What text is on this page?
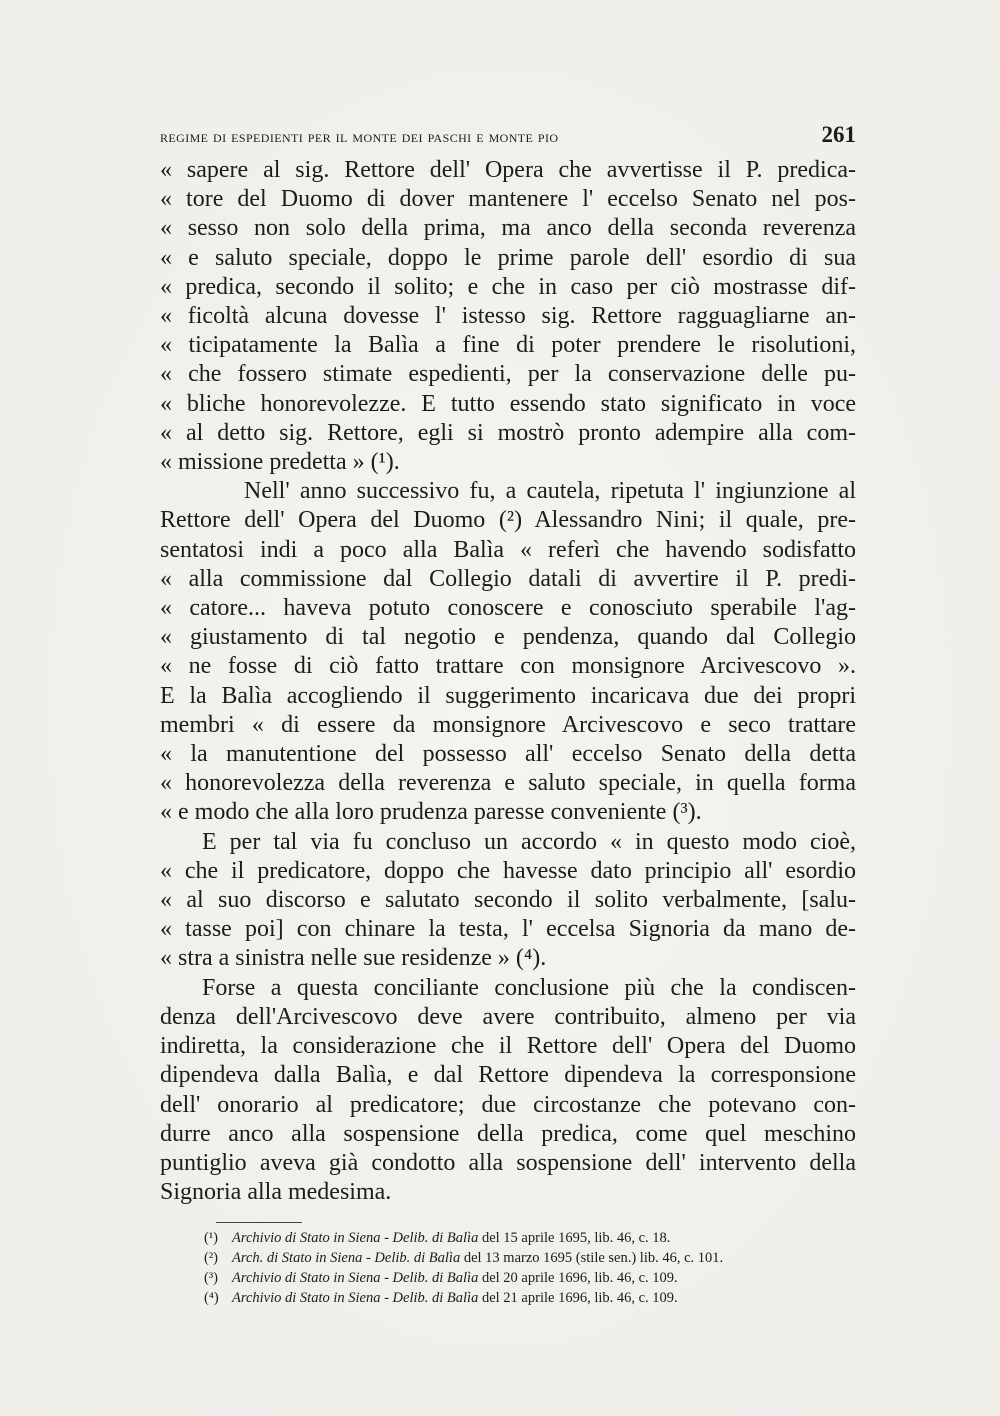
regime di espedienti per il monte dei paschi e monte pio	261
« sapere al sig. Rettore dell' Opera che avvertisse il P. predica-
« tore del Duomo di dover mantenere l' eccelso Senato nel pos-
« sesso non solo della prima, ma anco della seconda reverenza
« e saluto speciale, doppo le prime parole dell' esordio di sua
« predica, secondo il solito; e che in caso per ciò mostrasse dif-
« ficoltà alcuna dovesse l' istesso sig. Rettore ragguagliarne an-
« ticipatamente la Balìa a fine di poter prendere le risolutioni,
« che fossero stimate espedienti, per la conservazione delle pu-
« bliche honorevolezze. E tutto essendo stato significato in voce
« al detto sig. Rettore, egli si mostrò pronto adempire alla com-
« missione predetta » (¹).
Nell' anno successivo fu, a cautela, ripetuta l' ingiunzione al
Rettore dell' Opera del Duomo (²) Alessandro Nini; il quale, pre-
sentatosi indi a poco alla Balìa « referì che havendo sodisfatto
« alla commissione dal Collegio datali di avvertire il P. predi-
« catore... haveva potuto conoscere e conosciuto sperabile l'ag-
« giustamento di tal negotio e pendenza, quando dal Collegio
« ne fosse di ciò fatto trattare con monsignore Arcivescovo ».
E la Balìa accogliendo il suggerimento incaricava due dei propri
membri « di essere da monsignore Arcivescovo e seco trattare
« la manutentione del possesso all' eccelso Senato della detta
« honorevolezza della reverenza e saluto speciale, in quella forma
« e modo che alla loro prudenza paresse conveniente (³).
E per tal via fu concluso un accordo « in questo modo cioè,
« che il predicatore, doppo che havesse dato principio all' esordio
« al suo discorso e salutato secondo il solito verbalmente, [salu-
« tasse poi] con chinare la testa, l' eccelsa Signoria da mano de-
« stra a sinistra nelle sue residenze » (⁴).
Forse a questa conciliante conclusione più che la condiscen-
denza dell'Arcivescovo deve avere contribuito, almeno per via
indiretta, la considerazione che il Rettore dell' Opera del Duomo
dipendeva dalla Balìa, e dal Rettore dipendeva la corresponsione
dell' onorario al predicatore; due circostanze che potevano con-
durre anco alla sospensione della predica, come quel meschino
puntiglio aveva già condotto alla sospensione dell' intervento della
Signoria alla medesima.
(¹) Archivio di Stato in Siena - Delib. di Balìa
del 15 aprile 1695, lib. 46, c. 18.
(²) Arch. di Stato in Siena - Delib. di Balìa
del 13 marzo 1695 (stile sen.) lib. 46, c. 101.
(³) Archivio di Stato in Siena - Delib. di Balìa
del 20 aprile 1696, lib. 46, c. 109.
(⁴) Archivio di Stato in Siena - Delib. di Balìa
del 21 aprile 1696, lib. 46, c. 109.
